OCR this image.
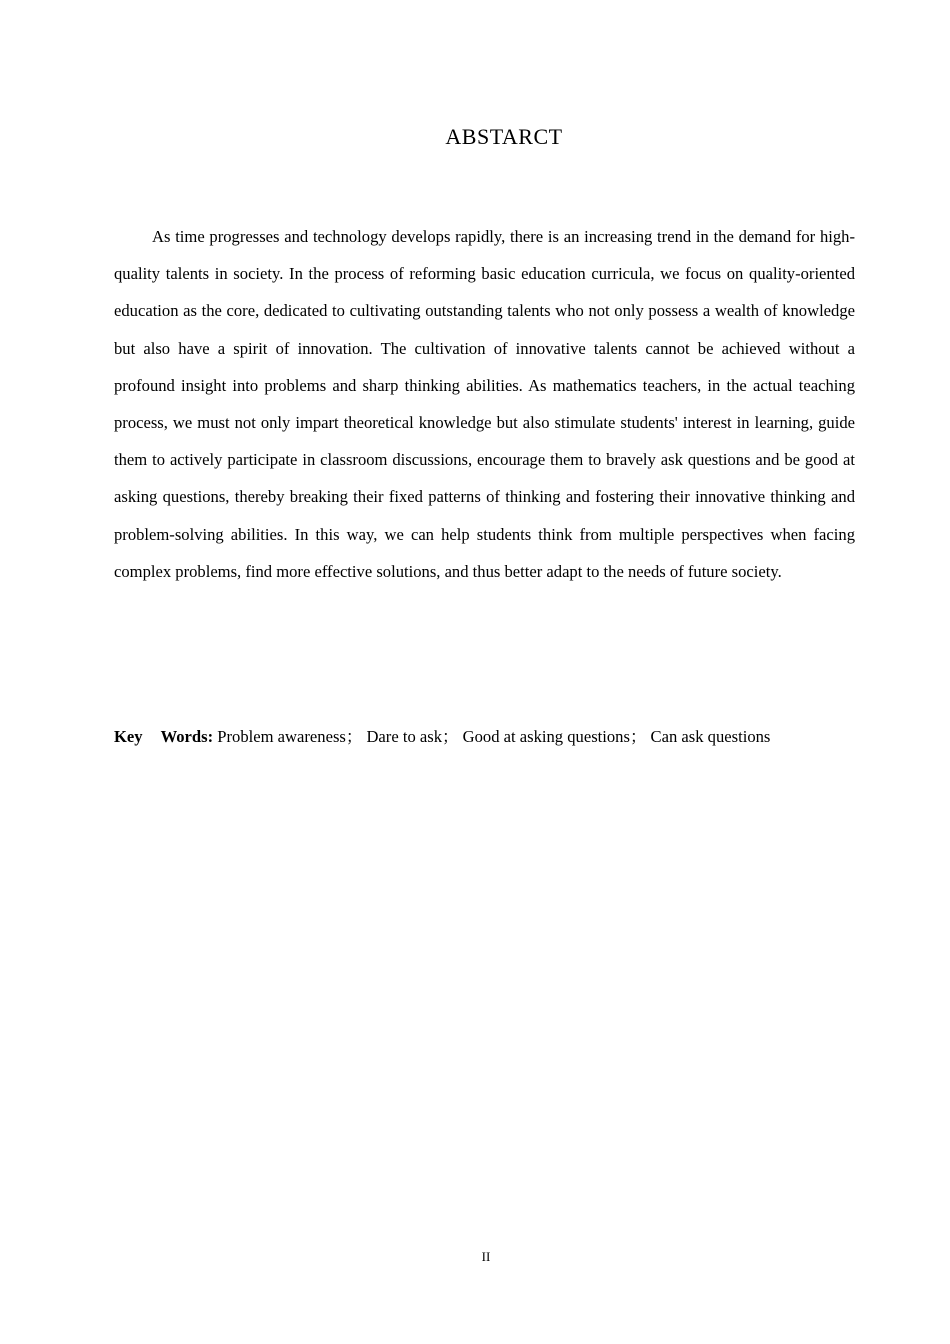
ABSTARCT

As time progresses and technology develops rapidly, there is an increasing trend in the demand for high-quality talents in society. In the process of reforming basic education curricula, we focus on quality-oriented education as the core, dedicated to cultivating outstanding talents who not only possess a wealth of knowledge but also have a spirit of innovation. The cultivation of innovative talents cannot be achieved without a profound insight into problems and sharp thinking abilities. As mathematics teachers, in the actual teaching process, we must not only impart theoretical knowledge but also stimulate students' interest in learning, guide them to actively participate in classroom discussions, encourage them to bravely ask questions and be good at asking questions, thereby breaking their fixed patterns of thinking and fostering their innovative thinking and problem-solving abilities. In this way, we can help students think from multiple perspectives when facing complex problems, find more effective solutions, and thus better adapt to the needs of future society.

Key Words: Problem awareness； Dare to ask； Good at asking questions； Can ask questions

II
